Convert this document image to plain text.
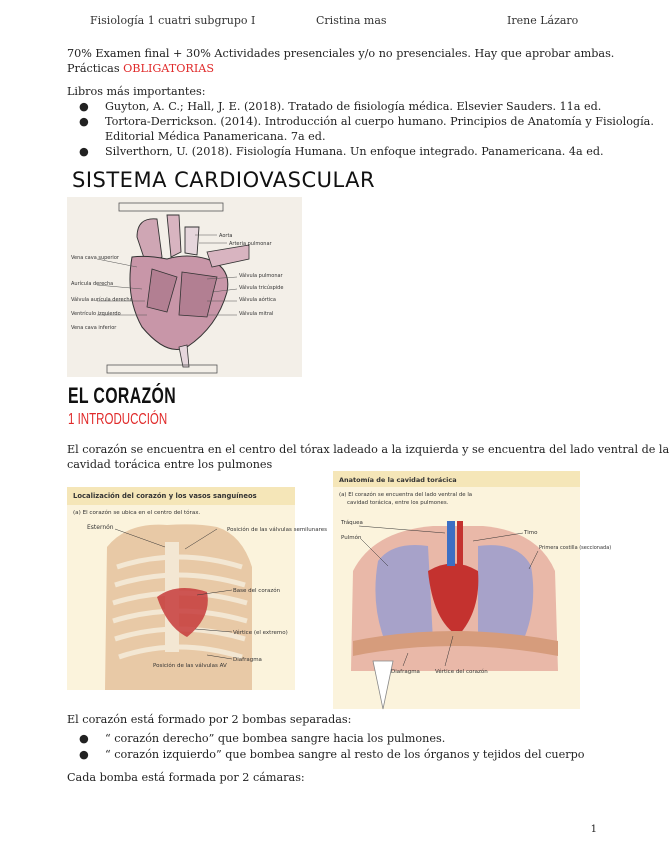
Fisiología 1 cuatri subgrupo I	Cristina mas	Irene Lázaro
70% Examen final + 30% Actividades presenciales y/o no presenciales. Hay que aprobar ambas.
Prácticas OBLIGATORIAS
Libros más importantes:
● Guyton, A. C.; Hall, J. E. (2018). Tratado de fisiología médica. Elsevier Sauders. 11a ed.
● Tortora-Derrickson. (2014). Introducción al cuerpo humano. Principios de Anatomía y Fisiología.
Editorial Médica Panamericana. 7a ed.
● Silverthorn, U. (2018). Fisiología Humana. Un enfoque integrado. Panamericana. 4a ed.
SISTEMA CARDIOVASCULAR
Aorta
Arteria pulmonar
Vena cava superior
Aurícula derecha
Válvula pulmonar
Válvula tricúspide
Válvula aórtica
Válvula mitral
Válvula aurícula derecha
Ventrículo izquierdo
Vena cava inferior
EL CORAZÓN
1 INTRODUCCIÓN
El corazón se encuentra en el centro del tórax ladeado a la izquierda y se encuentra del lado ventral de la
cavidad torácica entre los pulmones
Localización del corazón y los vasos sanguíneos
(a) El corazón se ubica en el centro del tórax.
Esternón	Posición de las válvulas semilunares
Base del corazón
Vértice (el extremo)
Diafragma
Posición de las válvulas AV
Anatomía de la cavidad torácica
(a) El corazón se encuentra del lado ventral de la
cavidad torácica, entre los pulmones.
Tráquea
Pulmón
Timo
Primera costilla (seccionada)
Diafragma	Vértice del corazón
El corazón está formado por 2 bombas separadas:
● “ corazón derecho” que bombea sangre hacia los pulmones.
● “ corazón izquierdo” que bombea sangre al resto de los órganos y tejidos del cuerpo
Cada bomba está formada por 2 cámaras:
1
